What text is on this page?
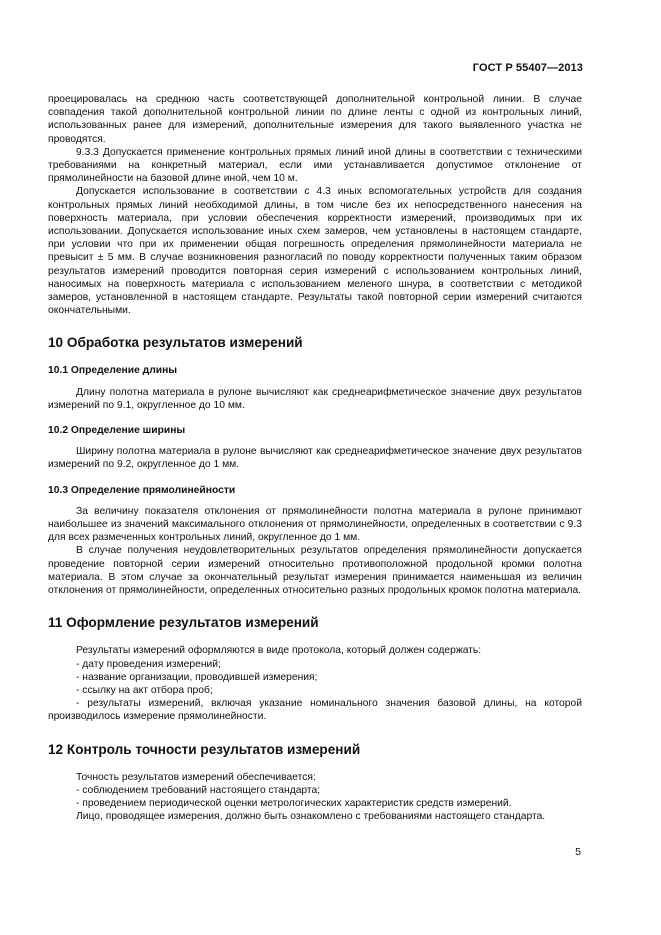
ГОСТ Р 55407—2013

проецировалась на среднюю часть соответствующей дополнительной контрольной линии. В случае совпадения такой дополнительной контрольной линии по длине ленты с одной из контрольных линий, использованных ранее для измерений, дополнительные измерения для такого выявленного участка не проводятся.

9.3.3 Допускается применение контрольных прямых линий иной длины в соответствии с техническими требованиями на конкретный материал, если ими устанавливается допустимое отклонение от прямолинейности на базовой длине иной, чем 10 м.

Допускается использование в соответствии с 4.3 иных вспомогательных устройств для создания контрольных прямых линий необходимой длины, в том числе без их непосредственного нанесения на поверхность материала, при условии обеспечения корректности измерений, производимых при их использовании. Допускается использование иных схем замеров, чем установлены в настоящем стандарте, при условии что при их применении общая погрешность определения прямолинейности материала не превысит ± 5 мм. В случае возникновения разногласий по поводу корректности полученных таким образом результатов измерений проводится повторная серия измерений с использованием контрольных линий, наносимых на поверхность материала с использованием меленого шнура, в соответствии с методикой замеров, установленной в настоящем стандарте. Результаты такой повторной серии измерений считаются окончательными.

10 Обработка результатов измерений

10.1 Определение длины

Длину полотна материала в рулоне вычисляют как среднеарифметическое значение двух результатов измерений по 9.1, округленное до 10 мм.

10.2 Определение ширины

Ширину полотна материала в рулоне вычисляют как среднеарифметическое значение двух результатов измерений по 9.2, округленное до 1 мм.

10.3 Определение прямолинейности

За величину показателя отклонения от прямолинейности полотна материала в рулоне принимают наибольшее из значений максимального отклонения от прямолинейности, определенных в соответствии с 9.3 для всех размеченных контрольных линий, округленное до 1 мм.

В случае получения неудовлетворительных результатов определения прямолинейности допускается проведение повторной серии измерений относительно противоположной продольной кромки полотна материала. В этом случае за окончательный результат измерения принимается наименьшая из величин отклонения от прямолинейности, определенных относительно разных продольных кромок полотна материала.

11 Оформление результатов измерений

Результаты измерений оформляются в виде протокола, который должен содержать:

- дату проведения измерений;

- название организации, проводившей измерения;

- ссылку на акт отбора проб;

- результаты измерений, включая указание номинального значения базовой длины, на которой производилось измерение прямолинейности.

12 Контроль точности результатов измерений

Точность результатов измерений обеспечивается:

- соблюдением требований настоящего стандарта;

- проведением периодической оценки метрологических характеристик средств измерений.

Лицо, проводящее измерения, должно быть ознакомлено с требованиями настоящего стандарта.

5
